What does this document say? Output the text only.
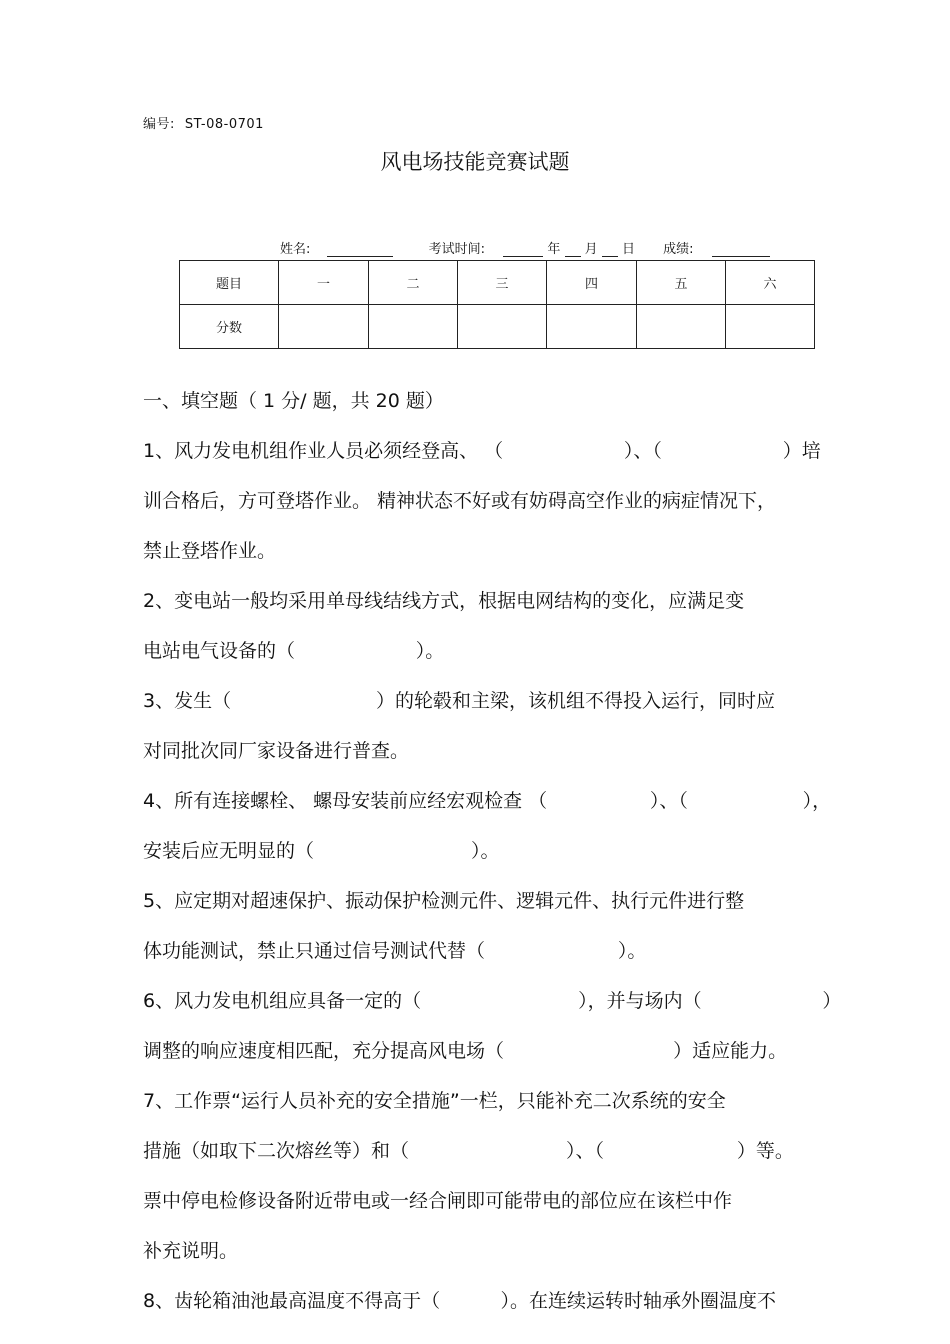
编号: ST-08-0701
风电场技能竞赛试题
姓名:	考试时间:	年 月 日 成绩:
题目	一	二	三	四	五	六
分数						
一、填空题（ 1 分/ 题，共 20 题）
1、风力发电机组作业人员必须经登高、 （                    ）、（                    ）培
训合格后，方可登塔作业。 精神状态不好或有妨碍高空作业的病症情况下，
禁止登塔作业。
2、变电站一般均采用单母线结线方式，根据电网结构的变化，应满足变
电站电气设备的（                    ）。
3、发生（                        ）的轮毂和主梁，该机组不得投入运行，同时应
对同批次同厂家设备进行普查。
4、所有连接螺栓、 螺母安装前应经宏观检查 （                 ）、（                   ），
安装后应无明显的（                          ）。
5、应定期对超速保护、振动保护检测元件、逻辑元件、执行元件进行整
体功能测试，禁止只通过信号测试代替（                      ）。
6、风力发电机组应具备一定的（                          ），并与场内（                    ）
调整的响应速度相匹配，充分提高风电场（                            ）适应能力。
7、工作票“运行人员补充的安全措施”一栏，只能补充二次系统的安全
措施（如取下二次熔丝等）和（                          ）、（                      ）等。
票中停电检修设备附近带电或一经合闸即可能带电的部位应在该栏中作
补充说明。
8、齿轮箱油池最高温度不得高于（          ）。在连续运转时轴承外圈温度不
